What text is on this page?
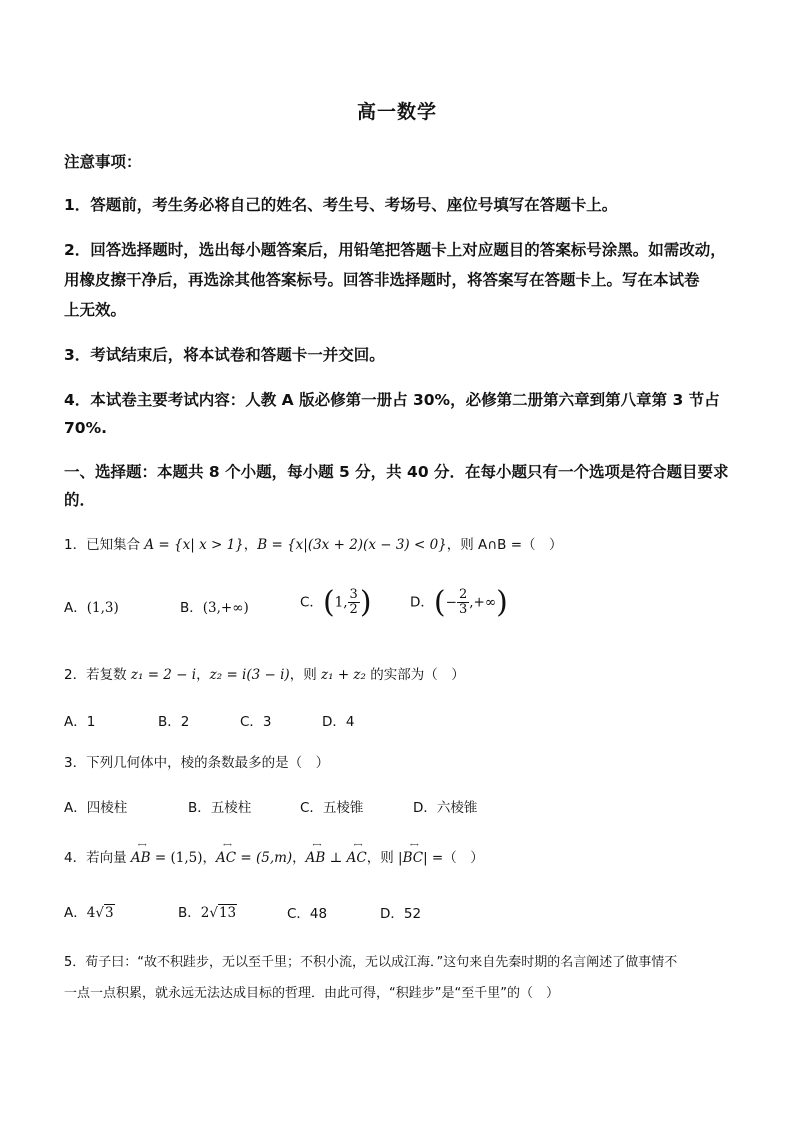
高一数学
注意事项：
1．答题前，考生务必将自己的姓名、考生号、考场号、座位号填写在答题卡上。
2．回答选择题时，选出每小题答案后，用铅笔把答题卡上对应题目的答案标号涂黑。如需改动，
用橡皮擦干净后，再选涂其他答案标号。回答非选择题时，将答案写在答题卡上。写在本试卷
上无效。
3．考试结束后，将本试卷和答题卡一并交回。
4．本试卷主要考试内容：人教 A 版必修第一册占 30%，必修第二册第六章到第八章第 3 节占
70%.
一、选择题：本题共 8 个小题，每小题 5 分，共 40 分．在每小题只有一个选项是符合题目要求
的．
1．已知集合 A = {x| x > 1}，B = {x|(3x + 2)(x − 3) < 0}，则 A∩B =（　）
A．(1,3)	B．(3,+∞)	C．(1, $\frac{3}{2}$ )	D．(− $\frac{2}{3}$ ,+∞)
2．若复数 z₁ = 2 − i，z₂ = i(3 − i)，则 z₁ + z₂ 的实部为（　）
A．1	B．2	C．3	D．4
3．下列几何体中，棱的条数最多的是（　）
A．四棱柱	B．五棱柱	C．五棱锥	D．六棱锥
4．若向量 ←→ AB = (1,5)，←→ AC = (5,m)，←→ AB ⊥ ←→ AC，则 |←→ BC| =（　）
A．4√3	B．2√13	C．48	D．52
5．荀子曰：“故不积跬步，无以至千里；不积小流，无以成江海．”这句来自先秦时期的名言阐述了做事情不
一点一点积累，就永远无法达成目标的哲理．由此可得，“积跬步”是“至千里”的（　）
